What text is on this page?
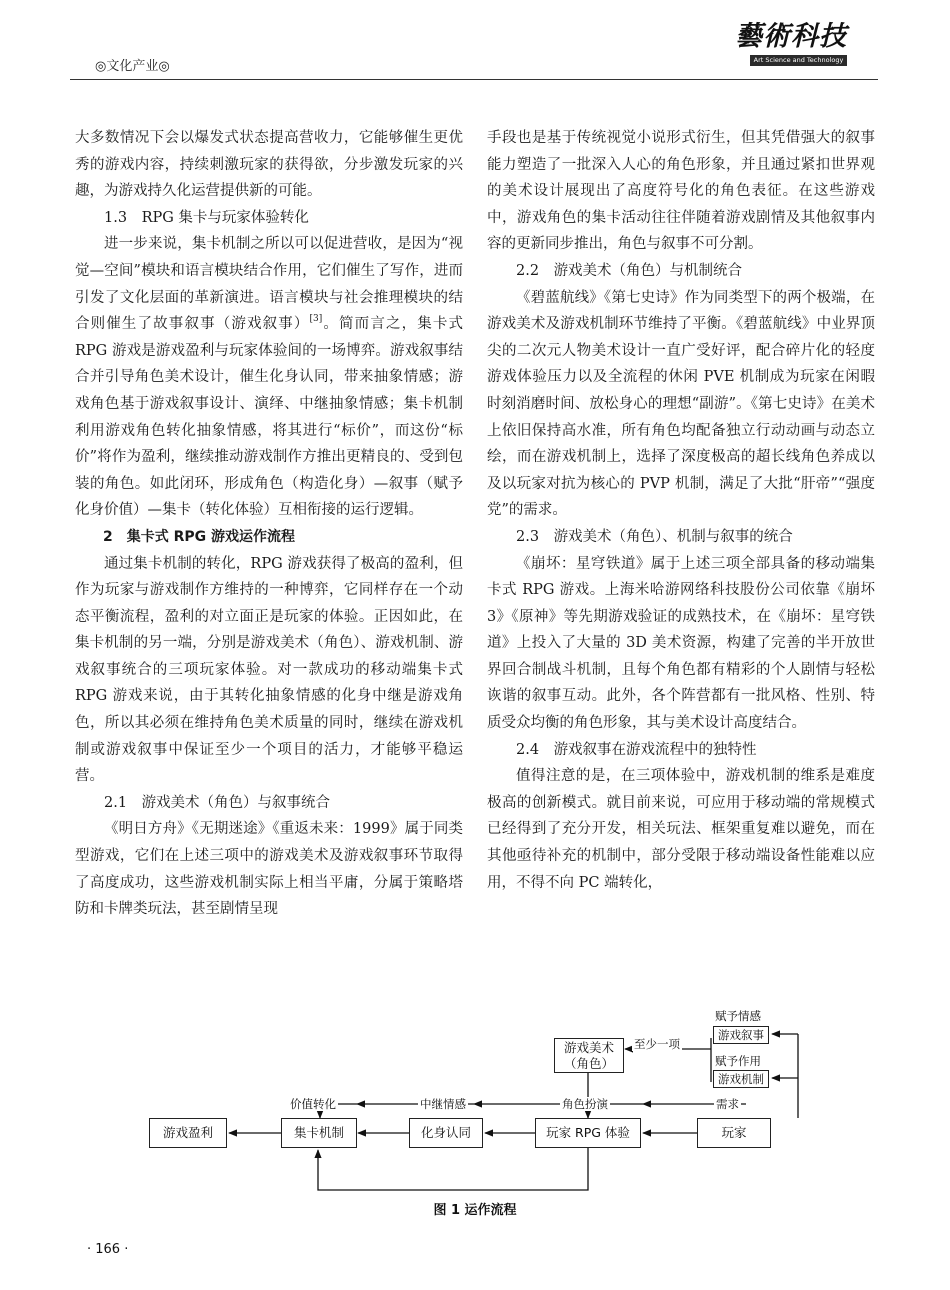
◎文化产业◎
藝術科技
Art Science and Technology

大多数情况下会以爆发式状态提高营收力，它能够催生更优秀的游戏内容，持续刺激玩家的获得欲，分步激发玩家的兴趣，为游戏持久化运营提供新的可能。

1.3 RPG 集卡与玩家体验转化

进一步来说，集卡机制之所以可以促进营收，是因为“视觉—空间”模块和语言模块结合作用，它们催生了写作，进而引发了文化层面的革新演进。语言模块与社会推理模块的结合则催生了故事叙事（游戏叙事）[3]。简而言之，集卡式 RPG 游戏是游戏盈利与玩家体验间的一场博弈。游戏叙事结合并引导角色美术设计，催生化身认同，带来抽象情感；游戏角色基于游戏叙事设计、演绎、中继抽象情感；集卡机制利用游戏角色转化抽象情感，将其进行“标价”，而这份“标价”将作为盈利，继续推动游戏制作方推出更精良的、受到包装的角色。如此闭环，形成角色（构造化身）—叙事（赋予化身价值）—集卡（转化体验）互相衔接的运行逻辑。

2 集卡式 RPG 游戏运作流程

通过集卡机制的转化，RPG 游戏获得了极高的盈利，但作为玩家与游戏制作方维持的一种博弈，它同样存在一个动态平衡流程，盈利的对立面正是玩家的体验。正因如此，在集卡机制的另一端，分别是游戏美术（角色）、游戏机制、游戏叙事统合的三项玩家体验。对一款成功的移动端集卡式 RPG 游戏来说，由于其转化抽象情感的化身中继是游戏角色，所以其必须在维持角色美术质量的同时，继续在游戏机制或游戏叙事中保证至少一个项目的活力，才能够平稳运营。

2.1 游戏美术（角色）与叙事统合

《明日方舟》《无期迷途》《重返未来：1999》属于同类型游戏，它们在上述三项中的游戏美术及游戏叙事环节取得了高度成功，这些游戏机制实际上相当平庸，分属于策略塔防和卡牌类玩法，甚至剧情呈现

手段也是基于传统视觉小说形式衍生，但其凭借强大的叙事能力塑造了一批深入人心的角色形象，并且通过紧扣世界观的美术设计展现出了高度符号化的角色表征。在这些游戏中，游戏角色的集卡活动往往伴随着游戏剧情及其他叙事内容的更新同步推出，角色与叙事不可分割。

2.2 游戏美术（角色）与机制统合

《碧蓝航线》《第七史诗》作为同类型下的两个极端，在游戏美术及游戏机制环节维持了平衡。《碧蓝航线》中业界顶尖的二次元人物美术设计一直广受好评，配合碎片化的轻度游戏体验压力以及全流程的休闲 PVE 机制成为玩家在闲暇时刻消磨时间、放松身心的理想“副游”。《第七史诗》在美术上依旧保持高水准，所有角色均配备独立行动动画与动态立绘，而在游戏机制上，选择了深度极高的超长线角色养成以及以玩家对抗为核心的 PVP 机制，满足了大批“肝帝”“强度党”的需求。

2.3 游戏美术（角色）、机制与叙事的统合

《崩坏：星穹铁道》属于上述三项全部具备的移动端集卡式 RPG 游戏。上海米哈游网络科技股份公司依靠《崩坏 3》《原神》等先期游戏验证的成熟技术，在《崩坏：星穹铁道》上投入了大量的 3D 美术资源，构建了完善的半开放世界回合制战斗机制，且每个角色都有精彩的个人剧情与轻松诙谐的叙事互动。此外，各个阵营都有一批风格、性别、特质受众均衡的角色形象，其与美术设计高度结合。

2.4 游戏叙事在游戏流程中的独特性

值得注意的是，在三项体验中，游戏机制的维系是难度极高的创新模式。就目前来说，可应用于移动端的常规模式已经得到了充分开发，相关玩法、框架重复难以避免，而在其他亟待补充的机制中，部分受限于移动端设备性能难以应用，不得不向 PC 端转化，

游戏盈利	集卡机制	化身认同	玩家 RPG 体验	玩家
游戏美术
（角色）
游戏叙事
游戏机制
价值转化	中继情感	角色扮演	需求
至少一项
赋予情感
赋予作用
图 1 运作流程
· 166 ·
